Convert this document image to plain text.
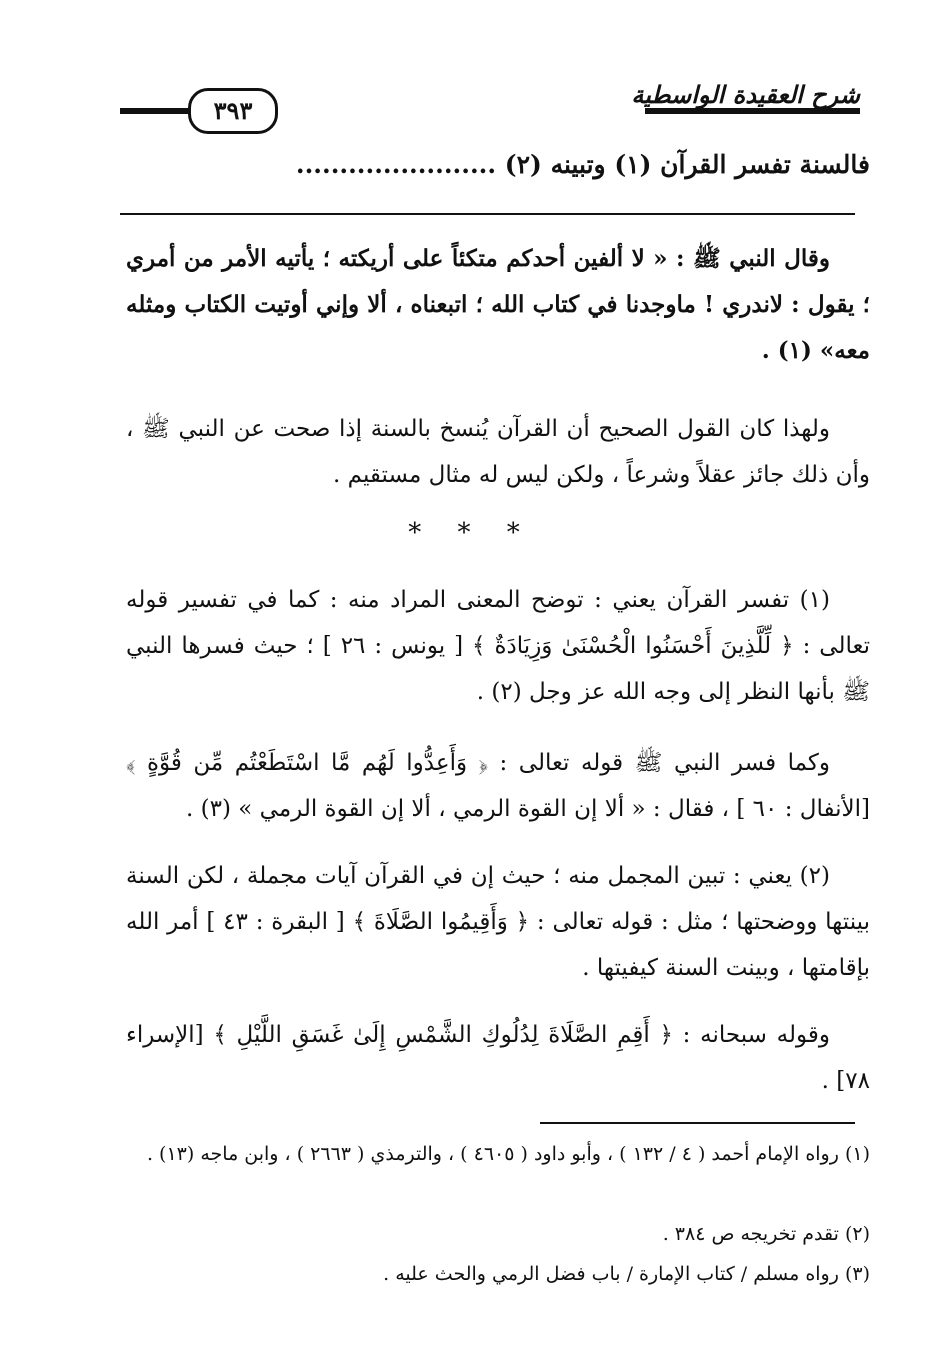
شرح العقيدة الواسطية
٣٩٣
فالسنة تفسر القرآن (١) وتبينه (٢) .......................
وقال النبي ﷺ : « لا ألفين أحدكم متكئاً على أريكته ؛ يأتيه الأمر من أمري ؛ يقول : لاندري ! ماوجدنا في كتاب الله ؛ اتبعناه ، ألا وإني أوتيت الكتاب ومثله معه» (١) .
ولهذا كان القول الصحيح أن القرآن يُنسخ بالسنة إذا صحت عن النبي ﷺ ، وأن ذلك جائز عقلاً وشرعاً ، ولكن ليس له مثال مستقيم .
* * *
(١) تفسر القرآن يعني : توضح المعنى المراد منه : كما في تفسير قوله تعالى : ﴿ لِّلَّذِينَ أَحْسَنُوا الْحُسْنَىٰ وَزِيَادَةٌ ﴾ [ يونس : ٢٦ ] ؛ حيث فسرها النبي ﷺ بأنها النظر إلى وجه الله عز وجل (٢) .
وكما فسر النبي ﷺ قوله تعالى : ﴿ وَأَعِدُّوا لَهُم مَّا اسْتَطَعْتُم مِّن قُوَّةٍ ﴾ [الأنفال : ٦٠ ] ، فقال : « ألا إن القوة الرمي ، ألا إن القوة الرمي » (٣) .
(٢) يعني : تبين المجمل منه ؛ حيث إن في القرآن آيات مجملة ، لكن السنة بينتها ووضحتها ؛ مثل : قوله تعالى : ﴿ وَأَقِيمُوا الصَّلَاةَ ﴾ [ البقرة : ٤٣ ] أمر الله بإقامتها ، وبينت السنة كيفيتها .
وقوله سبحانه : ﴿ أَقِمِ الصَّلَاةَ لِدُلُوكِ الشَّمْسِ إِلَىٰ غَسَقِ اللَّيْلِ ﴾ [الإسراء ٧٨] .
(١) رواه الإمام أحمد ( ٤ / ١٣٢ ) ، وأبو داود ( ٤٦٠٥ ) ، والترمذي ( ٢٦٦٣ ) ، وابن ماجه (١٣) .
(٢) تقدم تخريجه ص ٣٨٤ .
(٣) رواه مسلم / كتاب الإمارة / باب فضل الرمي والحث عليه .
